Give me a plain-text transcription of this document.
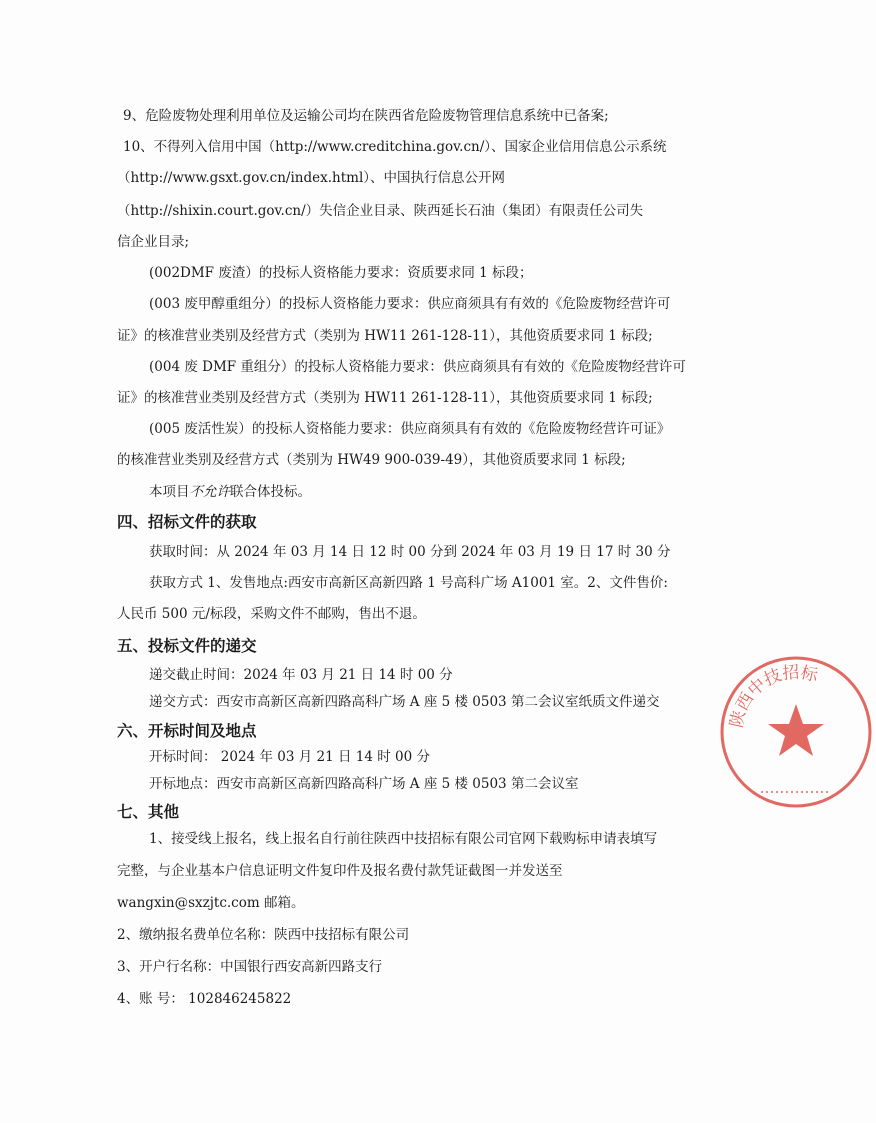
9、危险废物处理利用单位及运输公司均在陕西省危险废物管理信息系统中已备案;
10、不得列入信用中国（http://www.creditchina.gov.cn/）、国家企业信用信息公示系统
（http://www.gsxt.gov.cn/index.html）、中国执行信息公开网
（http://shixin.court.gov.cn/）失信企业目录、陕西延长石油（集团）有限责任公司失
信企业目录;
(002DMF 废渣）的投标人资格能力要求：资质要求同 1 标段；
(003 废甲醇重组分）的投标人资格能力要求：供应商须具有有效的《危险废物经营许可
证》的核准营业类别及经营方式（类别为 HW11 261-128-11），其他资质要求同 1 标段;
(004 废 DMF 重组分）的投标人资格能力要求：供应商须具有有效的《危险废物经营许可
证》的核准营业类别及经营方式（类别为 HW11 261-128-11），其他资质要求同 1 标段;
(005 废活性炭）的投标人资格能力要求：供应商须具有有效的《危险废物经营许可证》
的核准营业类别及经营方式（类别为 HW49 900-039-49），其他资质要求同 1 标段;
本项目不允许联合体投标。
四、招标文件的获取
获取时间：从 2024 年 03 月 14 日 12 时 00 分到 2024 年 03 月 19 日 17 时 30 分
获取方式 1、发售地点:西安市高新区高新四路 1 号高科广场 A1001 室。2、文件售价:
人民币 500 元/标段，采购文件不邮购，售出不退。
五、投标文件的递交
递交截止时间：2024 年 03 月 21 日 14 时 00 分
递交方式：西安市高新区高新四路高科广场 A 座 5 楼 0503 第二会议室纸质文件递交
六、开标时间及地点
开标时间： 2024 年 03 月 21 日 14 时 00 分
开标地点：西安市高新区高新四路高科广场 A 座 5 楼 0503 第二会议室
七、其他
1、接受线上报名，线上报名自行前往陕西中技招标有限公司官网下载购标申请表填写
完整，与企业基本户信息证明文件复印件及报名费付款凭证截图一并发送至
wangxin@sxzjtc.com 邮箱。
2、缴纳报名费单位名称：陕西中技招标有限公司
3、开户行名称：中国银行西安高新四路支行
4、账 号： 102846245822
陕西中技招标
